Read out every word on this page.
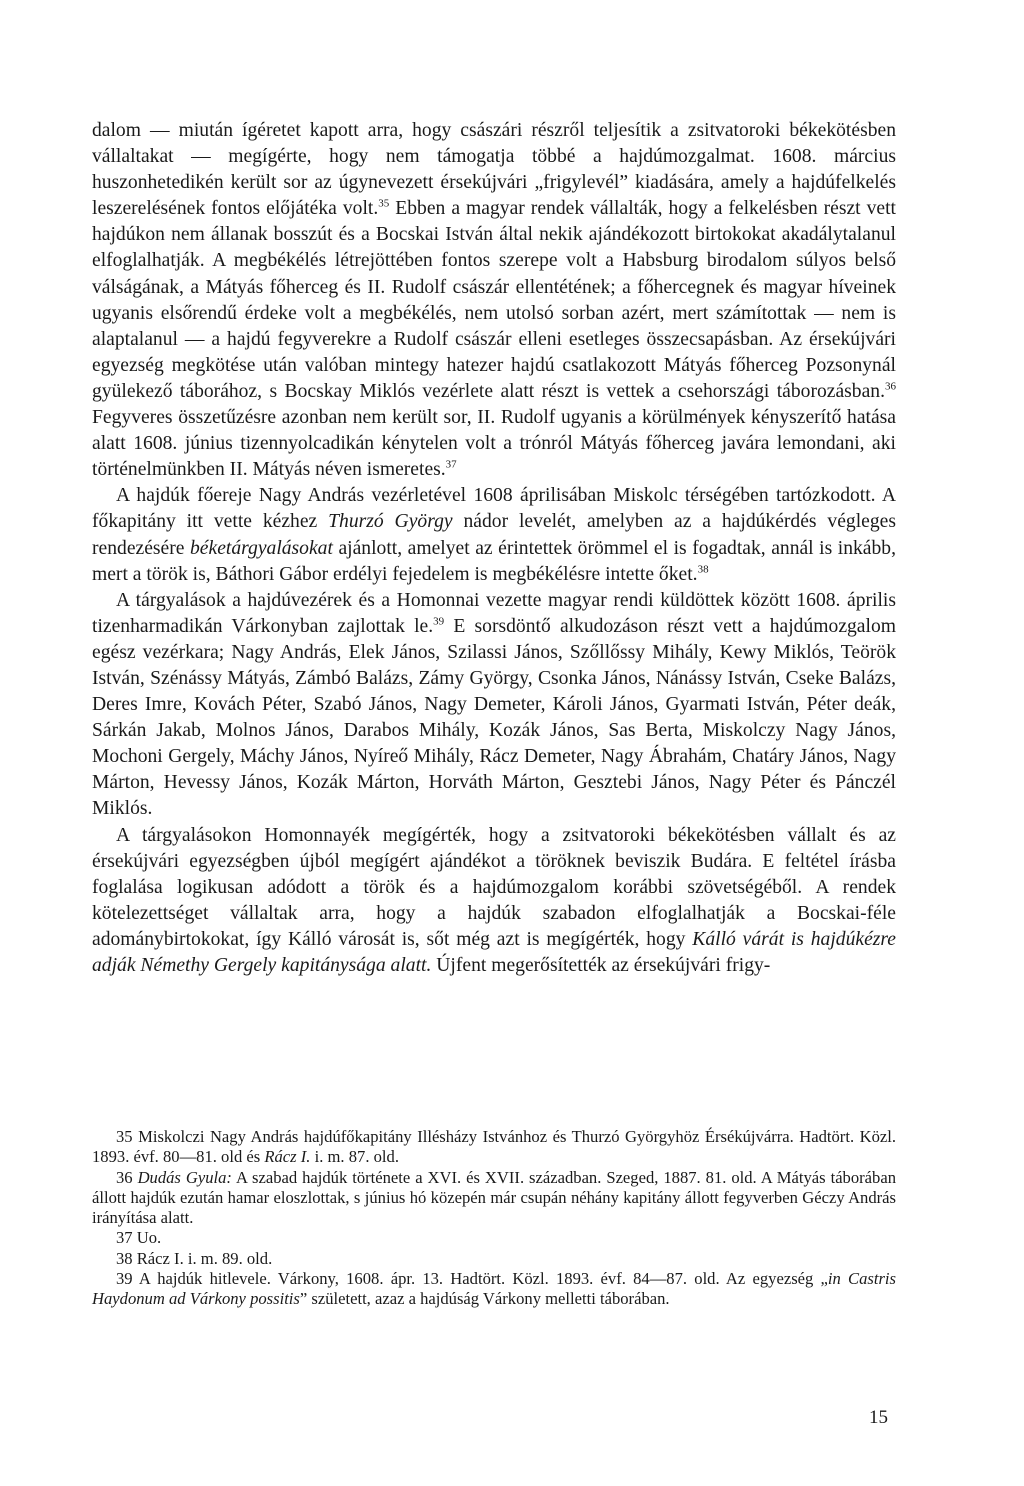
dalom — miután ígéretet kapott arra, hogy császári részről teljesítik a zsitvatoroki békekötésben vállaltakat — megígérte, hogy nem támogatja többé a hajdúmozgalmat. 1608. március huszonhetedikén került sor az úgynevezett érsekújvári „frigylevél” kiadására, amely a hajdúfelkelés leszerelésének fontos előjátéka volt.$^{35}$ Ebben a magyar rendek vállalták, hogy a felkelésben részt vett hajdúkon nem állanak bosszút és a Bocskai István által nekik ajándékozott birtokokat akadálytalanul elfoglalhatják. A megbékélés létrejöttében fontos szerepe volt a Habsburg birodalom súlyos belső válságának, a Mátyás főherceg és II. Rudolf császár ellentétének; a főhercegnek és magyar híveinek ugyanis elsőrendű érdeke volt a megbékélés, nem utolsó sorban azért, mert számítottak — nem is alaptalanul — a hajdú fegyverekre a Rudolf császár elleni esetleges összecsapásban. Az érsekújvári egyezség megkötése után valóban mintegy hatezer hajdú csatlakozott Mátyás főherceg Pozsonynál gyülekező táborához, s Bocskay Miklós vezérlete alatt részt is vettek a csehországi táborozásban.$^{36}$ Fegyveres összetűzésre azonban nem került sor, II. Rudolf ugyanis a körülmények kényszerítő hatása alatt 1608. június tizennyolcadikán kénytelen volt a trónról Mátyás főherceg javára lemondani, aki történelmünkben II. Mátyás néven ismeretes.$^{37}$

A hajdúk főereje Nagy András vezérletével 1608 áprilisában Miskolc térségében tartózkodott. A főkapitány itt vette kézhez Thurzó György nádor levelét, amelyben az a hajdúkérdés végleges rendezésére béketárgyalásokat ajánlott, amelyet az érintettek örömmel el is fogadtak, annál is inkább, mert a török is, Báthori Gábor erdélyi fejedelem is megbékélésre intette őket.$^{38}$

A tárgyalások a hajdúvezérek és a Homonnai vezette magyar rendi küldöttek között 1608. április tizenharmadikán Várkonyban zajlottak le.$^{39}$ E sorsdöntő alkudozáson részt vett a hajdúmozgalom egész vezérkara; Nagy András, Elek János, Szilassi János, Szőllőssy Mihály, Kewy Miklós, Teörök István, Szénássy Mátyás, Zámbó Balázs, Zámy György, Csonka János, Nánássy István, Cseke Balázs, Deres Imre, Kovách Péter, Szabó János, Nagy Demeter, Károli János, Gyarmati István, Péter deák, Sárkán Jakab, Molnos János, Darabos Mihály, Kozák János, Sas Berta, Miskolczy Nagy János, Mochoni Gergely, Máchy János, Nyíreő Mihály, Rácz Demeter, Nagy Ábrahám, Chatáry János, Nagy Márton, Hevessy János, Kozák Márton, Horváth Márton, Gesztebi János, Nagy Péter és Pánczél Miklós.

A tárgyalásokon Homonnayék megígérték, hogy a zsitvatoroki békekötésben vállalt és az érsekújvári egyezségben újból megígért ajándékot a töröknek beviszik Budára. E feltétel írásba foglalása logikusan adódott a török és a hajdúmozgalom korábbi szövetségéből. A rendek kötelezettséget vállaltak arra, hogy a hajdúk szabadon elfoglalhatják a Bocskai-féle adománybirtokokat, így Kálló városát is, sőt még azt is megígérték, hogy Kálló várát is hajdúkézre adják Némethy Gergely kapitánysága alatt. Újfent megerősítették az érsekújvári frigy-

35 Miskolczi Nagy András hajdúfőkapitány Illésházy Istvánhoz és Thurzó Györgyhöz Érsékújvárra. Hadtört. Közl. 1893. évf. 80—81. old és Rácz I. i. m. 87. old.

36 Dudás Gyula: A szabad hajdúk története a XVI. és XVII. században. Szeged, 1887. 81. old. A Mátyás táborában állott hajdúk ezután hamar eloszlottak, s június hó közepén már csupán néhány kapitány állott fegyverben Géczy András irányítása alatt.

37 Uo.

38 Rácz I. i. m. 89. old.

39 A hajdúk hitlevele. Várkony, 1608. ápr. 13. Hadtört. Közl. 1893. évf. 84—87. old. Az egyezség „in Castris Haydonum ad Várkony possitis” született, azaz a hajdúság Várkony melletti táborában.

15
